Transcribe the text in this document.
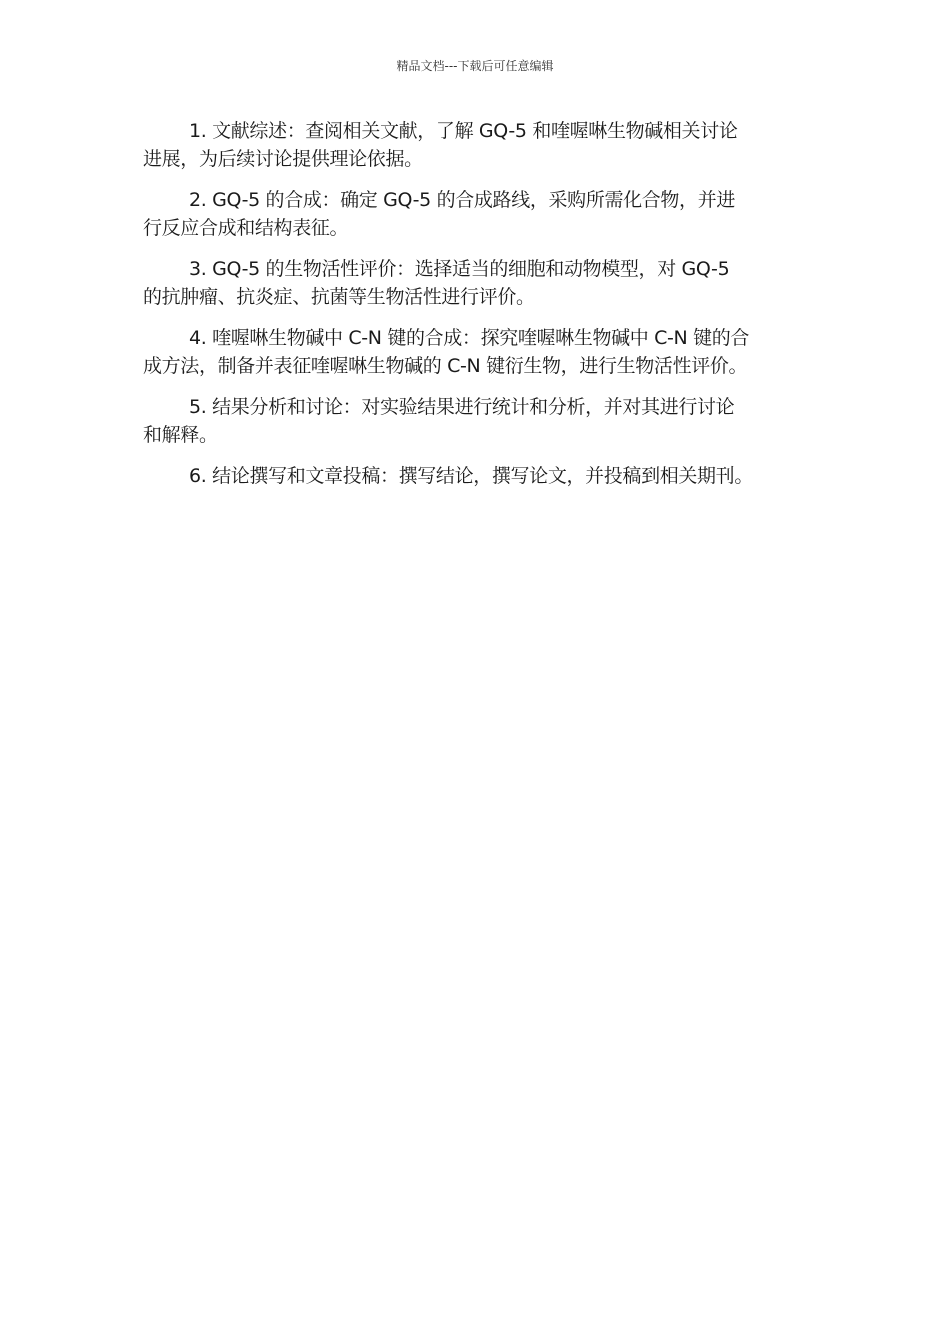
精品文档---下载后可任意编辑

1. 文献综述：查阅相关文献，了解 GQ-5 和喹喔啉生物碱相关讨论
进展，为后续讨论提供理论依据。

2. GQ-5 的合成：确定 GQ-5 的合成路线，采购所需化合物，并进
行反应合成和结构表征。

3. GQ-5 的生物活性评价：选择适当的细胞和动物模型，对 GQ-5
的抗肿瘤、抗炎症、抗菌等生物活性进行评价。

4. 喹喔啉生物碱中 C-N 键的合成：探究喹喔啉生物碱中 C-N 键的合
成方法，制备并表征喹喔啉生物碱的 C-N 键衍生物，进行生物活性评价。

5. 结果分析和讨论：对实验结果进行统计和分析，并对其进行讨论
和解释。

6. 结论撰写和文章投稿：撰写结论，撰写论文，并投稿到相关期刊。
